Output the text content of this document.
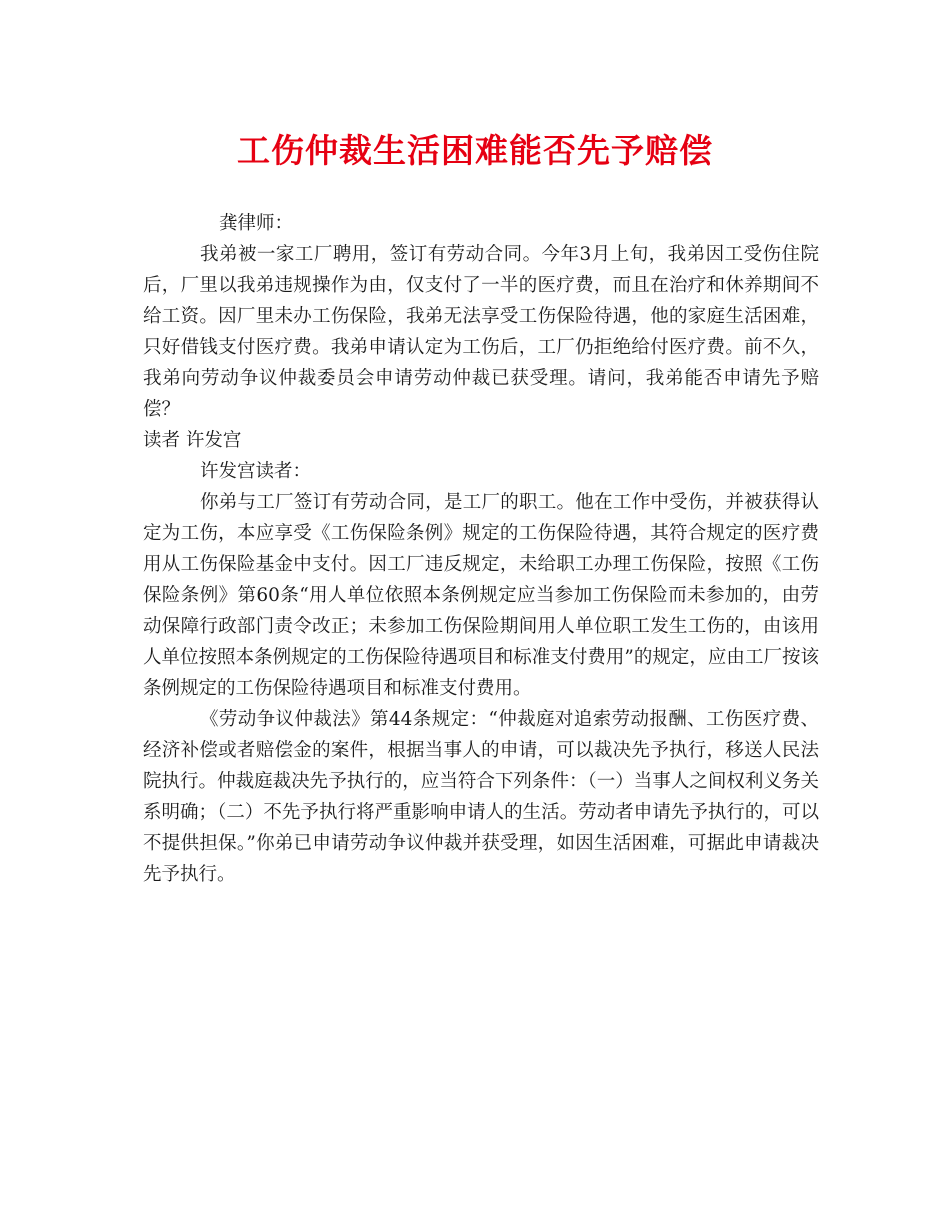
工伤仲裁生活困难能否先予赔偿

龚律师：

我弟被一家工厂聘用，签订有劳动合同。今年3月上旬，我弟因工受伤住院后，厂里以我弟违规操作为由，仅支付了一半的医疗费，而且在治疗和休养期间不给工资。因厂里未办工伤保险，我弟无法享受工伤保险待遇，他的家庭生活困难，只好借钱支付医疗费。我弟申请认定为工伤后，工厂仍拒绝给付医疗费。前不久，我弟向劳动争议仲裁委员会申请劳动仲裁已获受理。请问，我弟能否申请先予赔偿？

读者 许发宫

许发宫读者：

你弟与工厂签订有劳动合同，是工厂的职工。他在工作中受伤，并被获得认定为工伤，本应享受《工伤保险条例》规定的工伤保险待遇，其符合规定的医疗费用从工伤保险基金中支付。因工厂违反规定，未给职工办理工伤保险，按照《工伤保险条例》第60条“用人单位依照本条例规定应当参加工伤保险而未参加的，由劳动保障行政部门责令改正；未参加工伤保险期间用人单位职工发生工伤的，由该用人单位按照本条例规定的工伤保险待遇项目和标准支付费用”的规定，应由工厂按该条例规定的工伤保险待遇项目和标准支付费用。

《劳动争议仲裁法》第44条规定：“仲裁庭对追索劳动报酬、工伤医疗费、经济补偿或者赔偿金的案件，根据当事人的申请，可以裁决先予执行，移送人民法院执行。仲裁庭裁决先予执行的，应当符合下列条件：（一）当事人之间权利义务关系明确；（二）不先予执行将严重影响申请人的生活。劳动者申请先予执行的，可以不提供担保。”你弟已申请劳动争议仲裁并获受理，如因生活困难，可据此申请裁决先予执行。
